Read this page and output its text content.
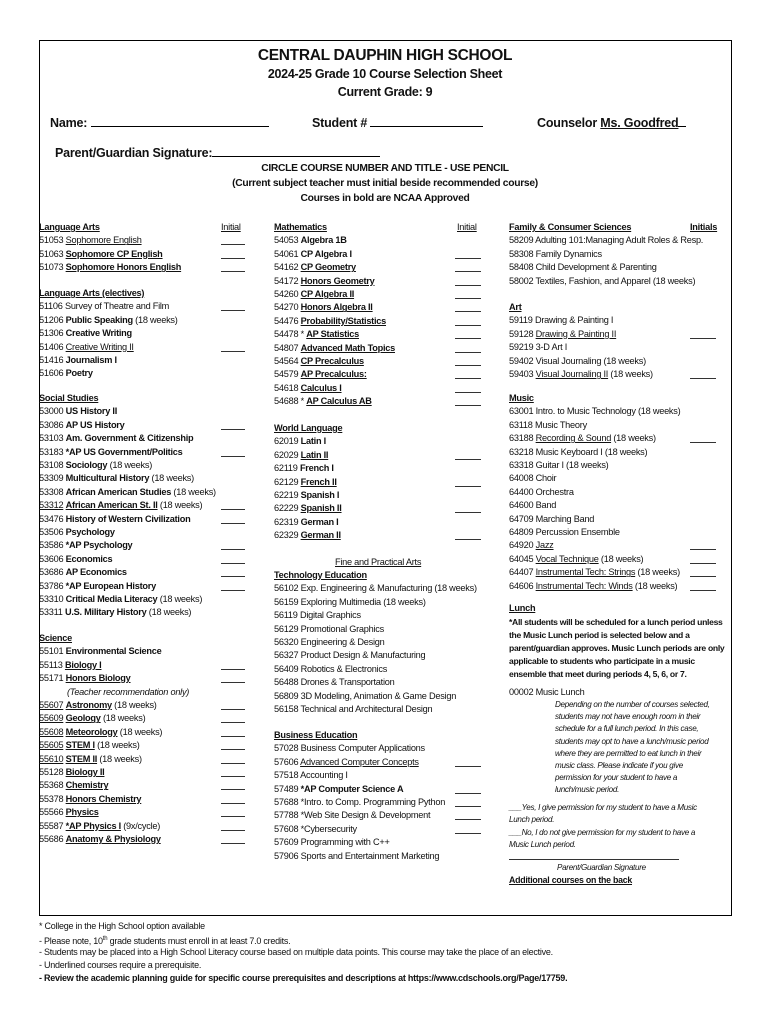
CENTRAL DAUPHIN HIGH SCHOOL
2024-25 Grade 10 Course Selection Sheet
Current Grade: 9
Name:	Student #	Counselor Ms. Goodfred
Parent/Guardian Signature:
CIRCLE COURSE NUMBER AND TITLE - USE PENCIL
(Current subject teacher must initial beside recommended course)
Courses in bold are NCAA Approved
Lunch
*All students will be scheduled for a lunch period unless the Music Lunch period is selected below and a parent/guardian approves. Music Lunch periods are only applicable to students who participate in a music ensemble that meet during periods 4, 5, 6, or 7.
00002 Music Lunch
___Yes, I give permission for my student to have a Music
Lunch period.
___No, I do not give permission for my student to have a
Music Lunch period.
Parent/Guardian Signature
Additional courses on the back
* College in the High School option available
- Please note, 10th grade students must enroll in at least 7.0 credits.
- Students may be placed into a High School Literacy course based on multiple data points. This course may take the place of an elective.
- Underlined courses require a prerequisite.
- Review the academic planning guide for specific course prerequisites and descriptions at https://www.cdschools.org/Page/17759.
Initial
Language Arts
51053 Sophomore English
51063 Sophomore CP English
51073 Sophomore Honors English
Language Arts (electives)
51106 Survey of Theatre and Film
51206 Public Speaking (18 weeks)
51306 Creative Writing
51406 Creative Writing II
51416 Journalism I
51606 Poetry
Social Studies
53000 US History II
53086 AP US History
53103 Am. Government & Citizenship
53183 *AP US Government/Politics
53108 Sociology (18 weeks)
53309 Multicultural History (18 weeks)
53308 African American Studies (18 weeks)
53312 African American St. II (18 weeks)
53476 History of Western Civilization
53506 Psychology
53586 *AP Psychology
53606 Economics
53686 AP Economics
53786 *AP European History
53310 Critical Media Literacy (18 weeks)
53311 U.S. Military History (18 weeks)
Science
55101 Environmental Science
55113 Biology I
55171 Honors Biology
(Teacher recommendation only)
55607 Astronomy (18 weeks)
55609 Geology (18 weeks)
55608 Meteorology (18 weeks)
55605 STEM I (18 weeks)
55610 STEM II (18 weeks)
55128 Biology II
55368 Chemistry
55378 Honors Chemistry
55566 Physics
55587 *AP Physics I (9x/cycle)
55686 Anatomy & Physiology
Initial
Mathematics
54053 Algebra 1B
54061 CP Algebra I
54162 CP Geometry
54172 Honors Geometry
54260 CP Algebra II
54270 Honors Algebra II
54476 Probability/Statistics
54478 * AP Statistics
54807 Advanced Math Topics
54564 CP Precalculus
54579 AP Precalculus:
54618 Calculus I
54688 * AP Calculus AB
World Language
62019 Latin I
62029 Latin II
62119 French I
62129 French II
62219 Spanish I
62229 Spanish II
62319 German I
62329 German II
Fine and Practical Arts
Technology Education
56102 Exp. Engineering & Manufacturing (18 weeks)
56159 Exploring Multimedia (18 weeks)
56119 Digital Graphics
56129 Promotional Graphics
56320 Engineering & Design
56327 Product Design & Manufacturing
56409 Robotics & Electronics
56488 Drones & Transportation
56809 3D Modeling, Animation & Game Design
56158 Technical and Architectural Design
Business Education
57028 Business Computer Applications
57606 Advanced Computer Concepts
57518 Accounting I
57489 *AP Computer Science A
57688 *Intro. to Comp. Programming Python
57788 *Web Site Design & Development
57608 *Cybersecurity
57609 Programming with C++
57906 Sports and Entertainment Marketing
Initials
Family & Consumer Sciences
58209 Adulting 101:Managing Adult Roles & Resp.
58308 Family Dynamics
58408 Child Development & Parenting
58002 Textiles, Fashion, and Apparel (18 weeks)
Art
59119 Drawing & Painting I
59128 Drawing & Painting II
59219 3-D Art I
59402 Visual Journaling (18 weeks)
59403 Visual Journaling II (18 weeks)
Music
63001 Intro. to Music Technology (18 weeks)
63118 Music Theory
63188 Recording & Sound (18 weeks)
63218 Music Keyboard I (18 weeks)
63318 Guitar I (18 weeks)
64008 Choir
64400 Orchestra
64600 Band
64709 Marching Band
64809 Percussion Ensemble
64920 Jazz
64045 Vocal Technique (18 weeks)
64407 Instrumental Tech: Strings (18 weeks)
64606 Instrumental Tech: Winds (18 weeks)
Depending on the number of courses selected,
students may not have enough room in their
schedule for a full lunch period. In this case,
students may opt to have a lunch/music period
where they are permitted to eat lunch in their
music class. Please indicate if you give
permission for your student to have a
lunch/music period.
